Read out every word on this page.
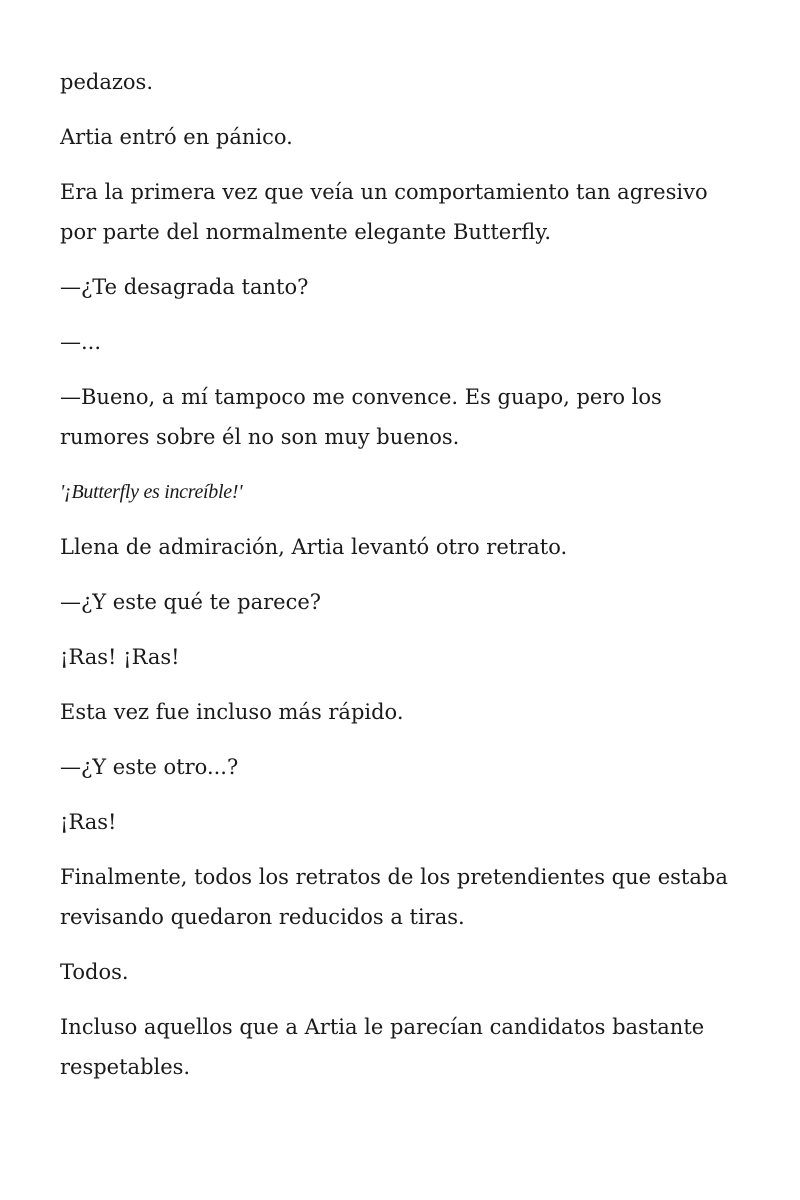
pedazos.

Artia entró en pánico.

Era la primera vez que veía un comportamiento tan agresivo por parte del normalmente elegante Butterfly.

—¿Te desagrada tanto?

—...

—Bueno, a mí tampoco me convence. Es guapo, pero los rumores sobre él no son muy buenos.

'¡Butterfly es increíble!'

Llena de admiración, Artia levantó otro retrato.

—¿Y este qué te parece?

¡Ras! ¡Ras!

Esta vez fue incluso más rápido.

—¿Y este otro...?

¡Ras!

Finalmente, todos los retratos de los pretendientes que estaba revisando quedaron reducidos a tiras.

Todos.

Incluso aquellos que a Artia le parecían candidatos bastante respetables.
